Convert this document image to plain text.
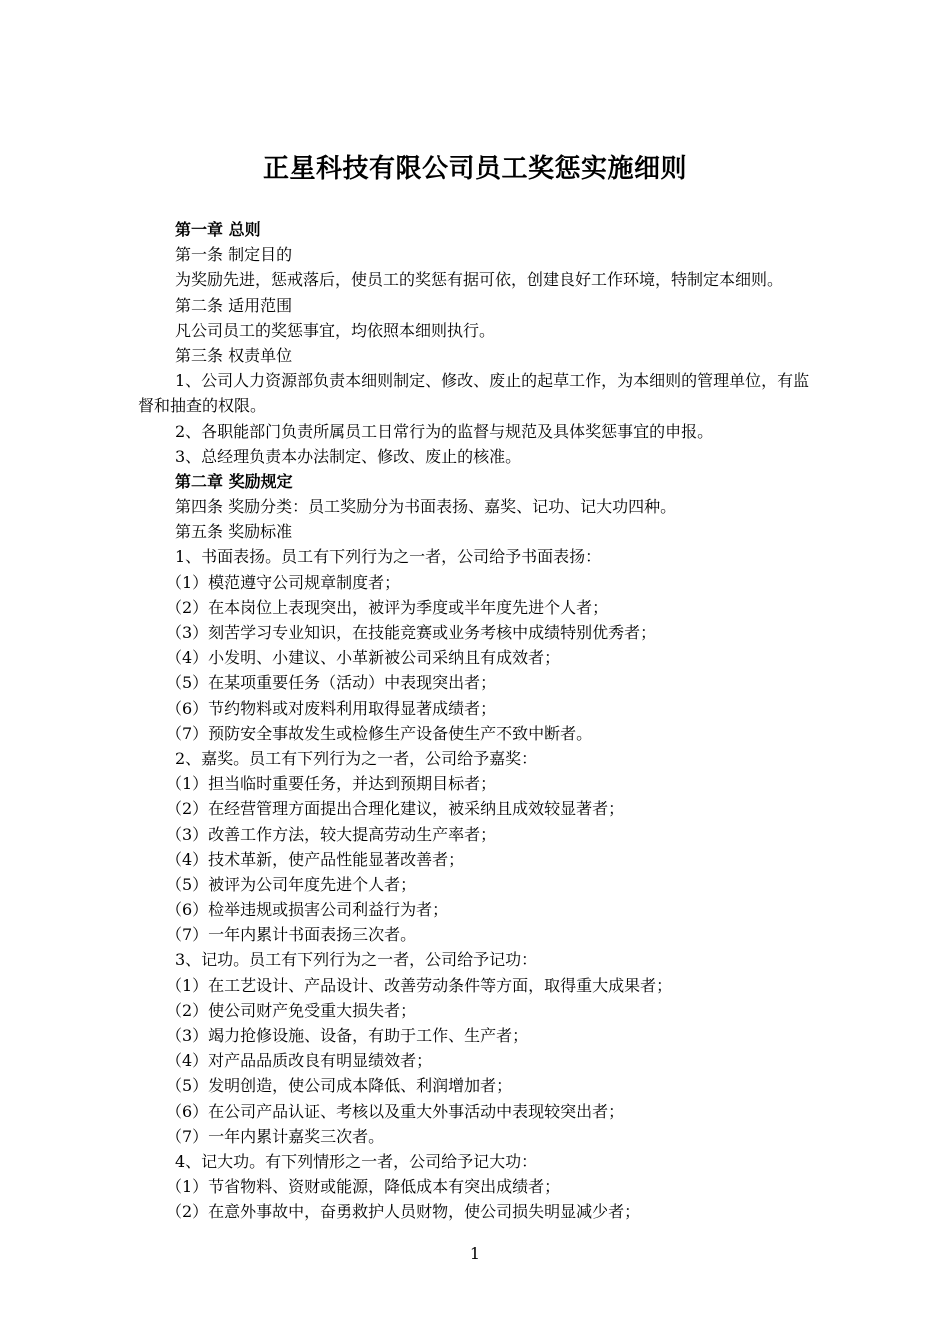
正星科技有限公司员工奖惩实施细则
第一章 总则
第一条 制定目的
为奖励先进，惩戒落后，使员工的奖惩有据可依，创建良好工作环境，特制定本细则。
第二条 适用范围
凡公司员工的奖惩事宜，均依照本细则执行。
第三条 权责单位
1、公司人力资源部负责本细则制定、修改、废止的起草工作，为本细则的管理单位，有监督和抽查的权限。
2、各职能部门负责所属员工日常行为的监督与规范及具体奖惩事宜的申报。
3、总经理负责本办法制定、修改、废止的核准。
第二章 奖励规定
第四条 奖励分类：员工奖励分为书面表扬、嘉奖、记功、记大功四种。
第五条 奖励标准
1、书面表扬。员工有下列行为之一者，公司给予书面表扬：
（1）模范遵守公司规章制度者；
（2）在本岗位上表现突出，被评为季度或半年度先进个人者；
（3）刻苦学习专业知识，在技能竞赛或业务考核中成绩特别优秀者；
（4）小发明、小建议、小革新被公司采纳且有成效者；
（5）在某项重要任务（活动）中表现突出者；
（6）节约物料或对废料利用取得显著成绩者；
（7）预防安全事故发生或检修生产设备使生产不致中断者。
2、嘉奖。员工有下列行为之一者，公司给予嘉奖：
（1）担当临时重要任务，并达到预期目标者；
（2）在经营管理方面提出合理化建议，被采纳且成效较显著者；
（3）改善工作方法，较大提高劳动生产率者；
（4）技术革新，使产品性能显著改善者；
（5）被评为公司年度先进个人者；
（6）检举违规或损害公司利益行为者；
（7）一年内累计书面表扬三次者。
3、记功。员工有下列行为之一者，公司给予记功：
（1）在工艺设计、产品设计、改善劳动条件等方面，取得重大成果者；
（2）使公司财产免受重大损失者；
（3）竭力抢修设施、设备，有助于工作、生产者；
（4）对产品品质改良有明显绩效者；
（5）发明创造，使公司成本降低、利润增加者；
（6）在公司产品认证、考核以及重大外事活动中表现较突出者；
（7）一年内累计嘉奖三次者。
4、记大功。有下列情形之一者，公司给予记大功：
（1）节省物料、资财或能源，降低成本有突出成绩者；
（2）在意外事故中，奋勇救护人员财物，使公司损失明显减少者；
1
